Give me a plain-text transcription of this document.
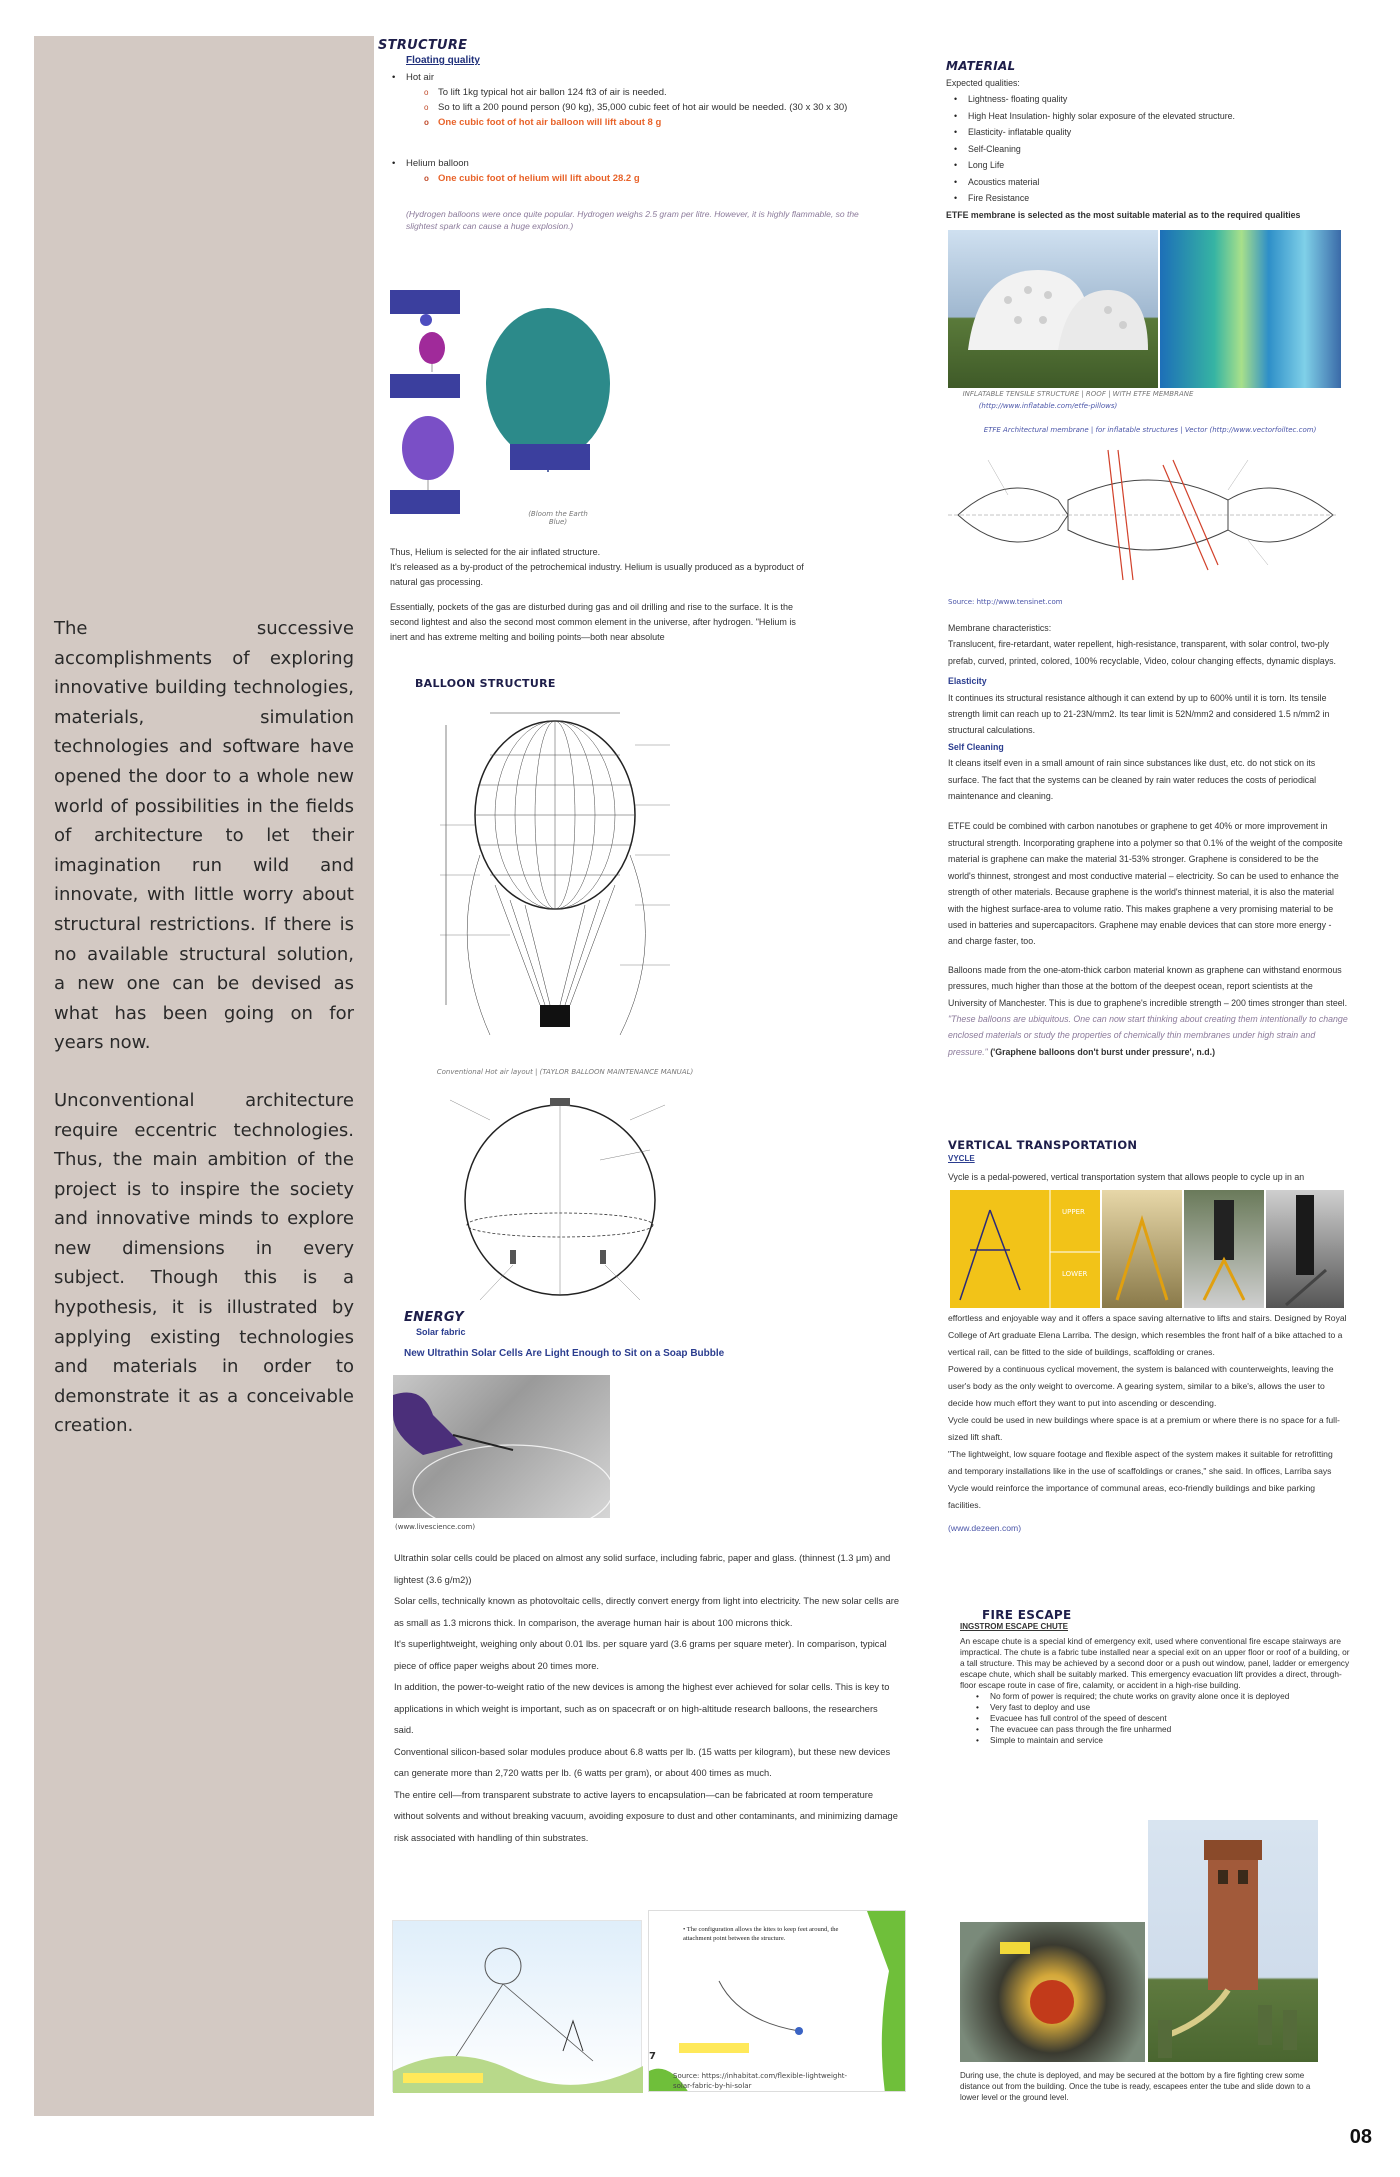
The successive accomplishments of exploring innovative building technologies, materials, simulation technologies and software have opened the door to a whole new world of possibilities in the fields of architecture to let their imagination run wild and innovate, with little worry about structural restrictions. If there is no available structural solution, a new one can be devised as what has been going on for years now.

Unconventional architecture require eccentric technologies. Thus, the main ambition of the project is to inspire the society and innovative minds to explore new dimensions in every subject. Though this is a hypothesis, it is illustrated by applying existing technologies and materials in order to demonstrate it as a conceivable creation.

STRUCTURE
Floating quality
• Hot air
o To lift 1kg typical hot air ballon 124 ft3 of air is needed.
o So to lift a 200 pound person (90 kg), 35,000 cubic feet of hot air would be needed. (30 x 30 x 30)
o One cubic foot of hot air balloon will lift about 8 g
• Helium balloon
o One cubic foot of helium will lift about 28.2 g
(Hydrogen balloons were once quite popular. Hydrogen weighs 2.5 gram per litre. However, it is highly flammable, so the slightest spark can cause a huge explosion.)
(Bloom the Earth Blue)

Thus, Helium is selected for the air inflated structure.

It's released as a by-product of the petrochemical industry. Helium is usually produced as a byproduct of natural gas processing.

Essentially, pockets of the gas are disturbed during gas and oil drilling and rise to the surface. It is the second lightest and also the second most common element in the universe, after hydrogen. "Helium is inert and has extreme melting and boiling points—both near absolute

BALLOON STRUCTURE
Conventional Hot air layout | (TAYLOR BALLOON MAINTENANCE MANUAL)
ENERGY
Solar fabric
New Ultrathin Solar Cells Are Light Enough to Sit on a Soap Bubble
(www.livescience.com)

Ultrathin solar cells could be placed on almost any solid surface, including fabric, paper and glass. (thinnest (1.3 μm) and lightest (3.6 g/m2))

Solar cells, technically known as photovoltaic cells, directly convert energy from light into electricity. The new solar cells are as small as 1.3 microns thick. In comparison, the average human hair is about 100 microns thick.

It's superlightweight, weighing only about 0.01 lbs. per square yard (3.6 grams per square meter). In comparison, typical piece of office paper weighs about 20 times more.

In addition, the power-to-weight ratio of the new devices is among the highest ever achieved for solar cells. This is key to applications in which weight is important, such as on spacecraft or on high-altitude research balloons, the researchers said.

Conventional silicon-based solar modules produce about 6.8 watts per lb. (15 watts per kilogram), but these new devices can generate more than 2,720 watts per lb. (6 watts per gram), or about 400 times as much.

The entire cell—from transparent substrate to active layers to encapsulation—can be fabricated at room temperature without solvents and without breaking vacuum, avoiding exposure to dust and other contaminants, and minimizing damage risk associated with handling of thin substrates.

• The configuration allows the kites to keep feet around, the attachment point between the structure.
7
Source: https://inhabitat.com/flexible-lightweight-solar-fabric-by-hi-solar
MATERIAL
Expected qualities:
• Lightness- floating quality
• High Heat Insulation- highly solar exposure of the elevated structure.
• Elasticity- inflatable quality
• Self-Cleaning
• Long Life
• Acoustics material
• Fire Resistance
ETFE membrane is selected as the most suitable material as to the required qualities
INFLATABLE TENSILE STRUCTURE | ROOF | WITH ETFE MEMBRANE
(http://www.inflatable.com/etfe-pillows)
ETFE Architectural membrane | for inflatable structures | Vector (http://www.vectorfoiltec.com)
Source: http://www.tensinet.com

Membrane characteristics:

Translucent, fire-retardant, water repellent, high-resistance, transparent, with solar control, two-ply prefab, curved, printed, colored, 100% recyclable, Video, colour changing effects, dynamic displays.

Elasticity

It continues its structural resistance although it can extend by up to 600% until it is torn. Its tensile strength limit can reach up to 21-23N/mm2. Its tear limit is 52N/mm2 and considered 1.5 n/mm2 in structural calculations.

Self Cleaning

It cleans itself even in a small amount of rain since substances like dust, etc. do not stick on its surface. The fact that the systems can be cleaned by rain water reduces the costs of periodical maintenance and cleaning.

ETFE could be combined with carbon nanotubes or graphene to get 40% or more improvement in structural strength. Incorporating graphene into a polymer so that 0.1% of the weight of the composite material is graphene can make the material 31-53% stronger. Graphene is considered to be the world's thinnest, strongest and most conductive material – electricity. So can be used to enhance the strength of other materials. Because graphene is the world's thinnest material, it is also the material with the highest surface-area to volume ratio. This makes graphene a very promising material to be used in batteries and supercapacitors. Graphene may enable devices that can store more energy - and charge faster, too.

Balloons made from the one-atom-thick carbon material known as graphene can withstand enormous pressures, much higher than those at the bottom of the deepest ocean, report scientists at the University of Manchester. This is due to graphene's incredible strength – 200 times stronger than steel.

"These balloons are ubiquitous. One can now start thinking about creating them intentionally to change enclosed materials or study the properties of chemically thin membranes under high strain and pressure." ('Graphene balloons don't burst under pressure', n.d.)

VERTICAL TRANSPORTATION
VYCLE
Vycle is a pedal-powered, vertical transportation system that allows people to cycle up in an
UPPER
LOWER

effortless and enjoyable way and it offers a space saving alternative to lifts and stairs. Designed by Royal College of Art graduate Elena Larriba. The design, which resembles the front half of a bike attached to a vertical rail, can be fitted to the side of buildings, scaffolding or cranes.

Powered by a continuous cyclical movement, the system is balanced with counterweights, leaving the user's body as the only weight to overcome. A gearing system, similar to a bike's, allows the user to decide how much effort they want to put into ascending or descending.

Vycle could be used in new buildings where space is at a premium or where there is no space for a full-sized lift shaft.

"The lightweight, low square footage and flexible aspect of the system makes it suitable for retrofitting and temporary installations like in the use of scaffoldings or cranes," she said. In offices, Larriba says Vycle would reinforce the importance of communal areas, eco-friendly buildings and bike parking facilities.

(www.dezeen.com)

FIRE ESCAPE
INGSTROM ESCAPE CHUTE
An escape chute is a special kind of emergency exit, used where conventional fire escape stairways are impractical. The chute is a fabric tube installed near a special exit on an upper floor or roof of a building, or a tall structure. This may be achieved by a second door or a push out window, panel, ladder or emergency escape chute, which shall be suitably marked. This emergency evacuation lift provides a direct, through-floor escape route in case of fire, calamity, or accident in a high-rise building.
• No form of power is required; the chute works on gravity alone once it is deployed
• Very fast to deploy and use
• Evacuee has full control of the speed of descent
• The evacuee can pass through the fire unharmed
• Simple to maintain and service
During use, the chute is deployed, and may be secured at the bottom by a fire fighting crew some distance out from the building. Once the tube is ready, escapees enter the tube and slide down to a lower level or the ground level.
08
